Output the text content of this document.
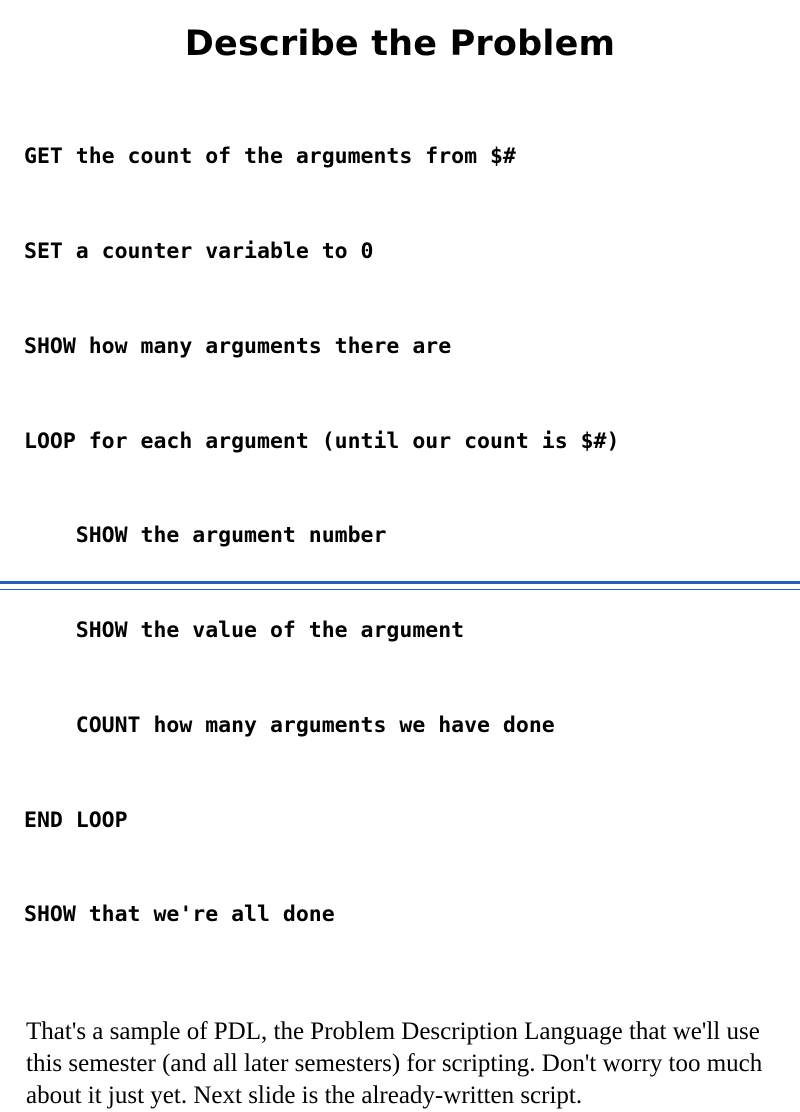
Describe the Problem

GET the count of the arguments from $#

SET a counter variable to 0

SHOW how many arguments there are

LOOP for each argument (until our count is $#)

SHOW the argument number

SHOW the value of the argument

COUNT how many arguments we have done

END LOOP

SHOW that we're all done

That's a sample of PDL, the Problem Description Language that we'll use this semester (and all later semesters) for scripting. Don't worry too much about it just yet. Next slide is the already-written script.
